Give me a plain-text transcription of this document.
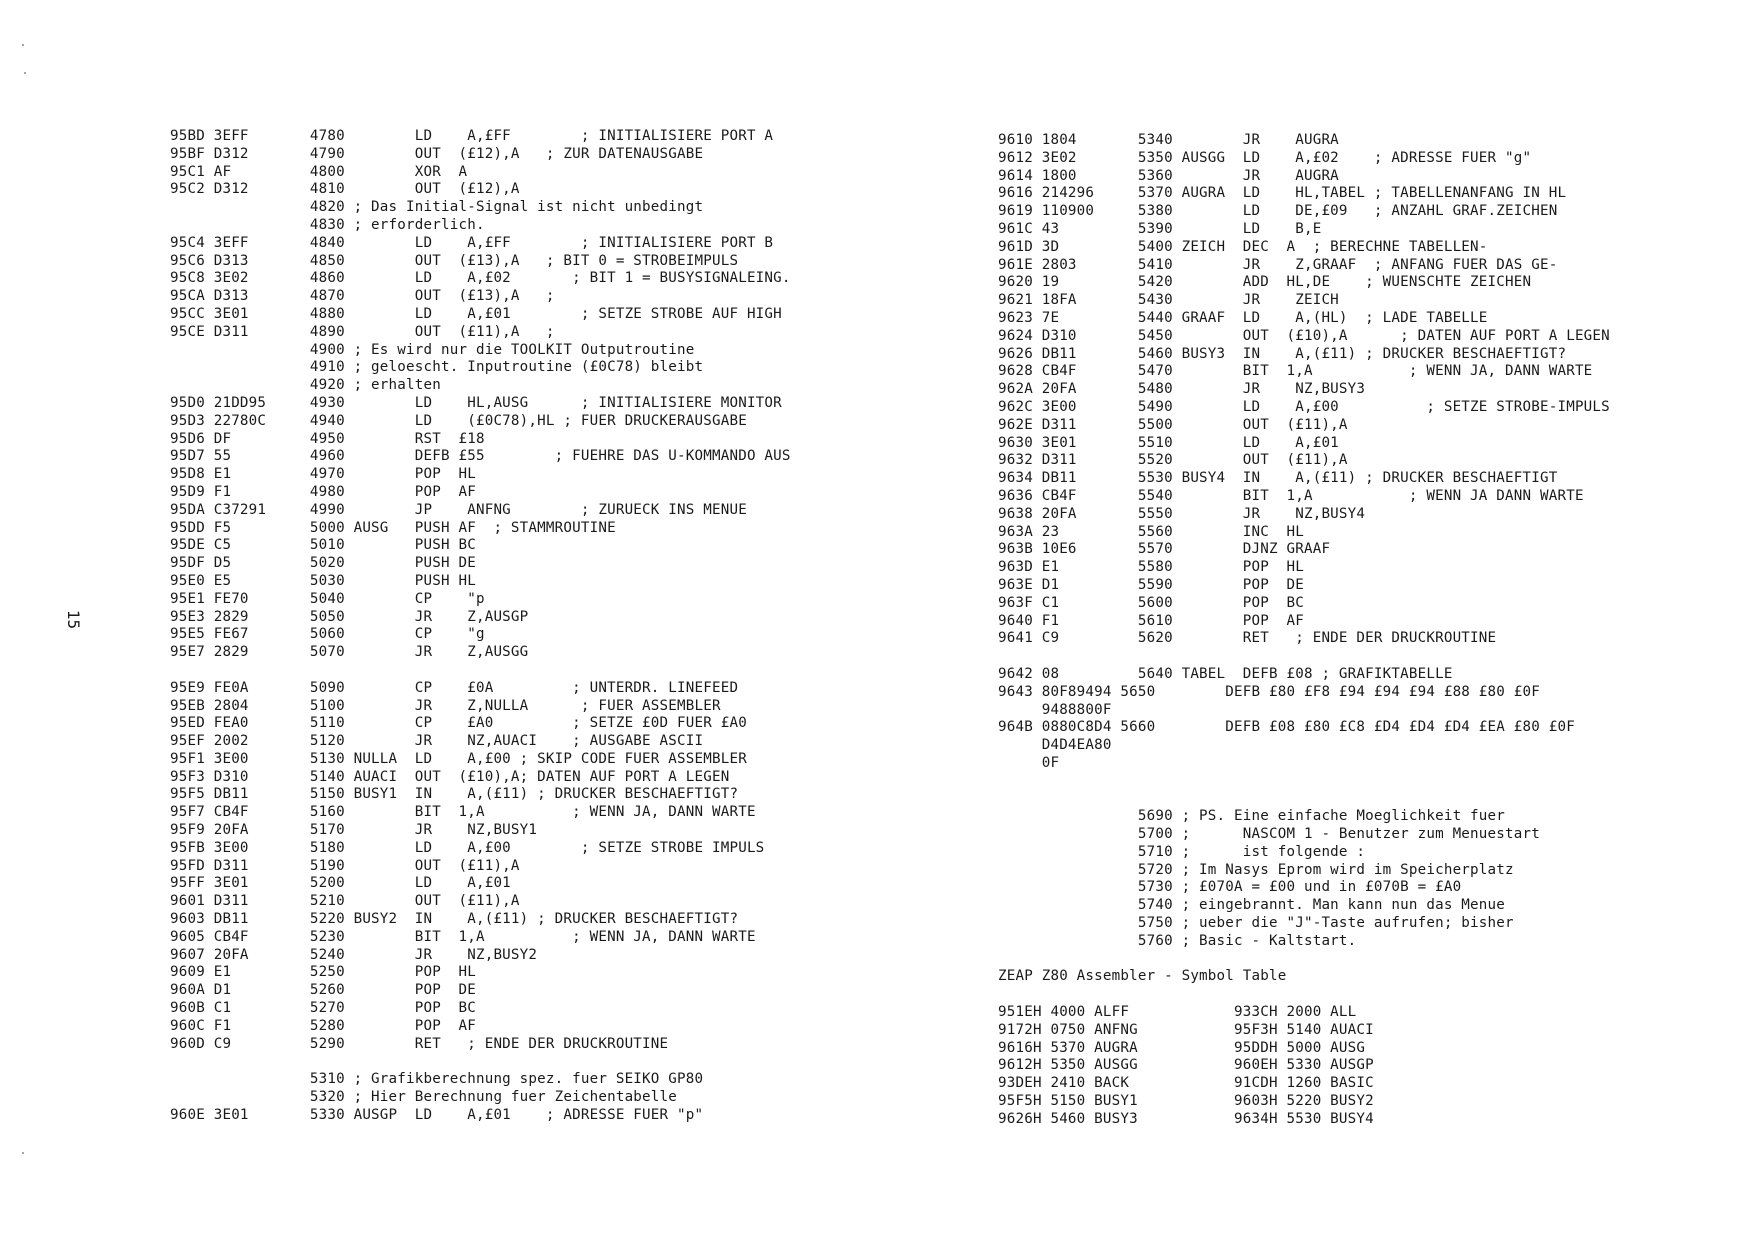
15
95BD 3EFF       4780        LD    A,£FF        ; INITIALISIERE PORT A
95BF D312       4790        OUT  (£12),A   ; ZUR DATENAUSGABE
95C1 AF         4800        XOR  A
95C2 D312       4810        OUT  (£12),A
4820 ; Das Initial-Signal ist nicht unbedingt
4830 ; erforderlich.
95C4 3EFF       4840        LD    A,£FF        ; INITIALISIERE PORT B
95C6 D313       4850        OUT  (£13),A   ; BIT 0 = STROBEIMPULS
95C8 3E02       4860        LD    A,£02       ; BIT 1 = BUSYSIGNALEING.
95CA D313       4870        OUT  (£13),A   ;
95CC 3E01       4880        LD    A,£01        ; SETZE STROBE AUF HIGH
95CE D311       4890        OUT  (£11),A   ;
4900 ; Es wird nur die TOOLKIT Outputroutine
4910 ; geloescht. Inputroutine (£0C78) bleibt
4920 ; erhalten
95D0 21DD95     4930        LD    HL,AUSG      ; INITIALISIERE MONITOR
95D3 22780C     4940        LD    (£0C78),HL ; FUER DRUCKERAUSGABE
95D6 DF         4950        RST  £18
95D7 55         4960        DEFB £55        ; FUEHRE DAS U-KOMMANDO AUS
95D8 E1         4970        POP  HL
95D9 F1         4980        POP  AF
95DA C37291     4990        JP    ANFNG        ; ZURUECK INS MENUE
95DD F5         5000 AUSG   PUSH AF  ; STAMMROUTINE
95DE C5         5010        PUSH BC
95DF D5         5020        PUSH DE
95E0 E5         5030        PUSH HL
95E1 FE70       5040        CP    "p
95E3 2829       5050        JR    Z,AUSGP
95E5 FE67       5060        CP    "g
95E7 2829       5070        JR    Z,AUSGG
95E9 FE0A       5090        CP    £0A         ; UNTERDR. LINEFEED
95EB 2804       5100        JR    Z,NULLA      ; FUER ASSEMBLER
95ED FEA0       5110        CP    £A0         ; SETZE £0D FUER £A0
95EF 2002       5120        JR    NZ,AUACI    ; AUSGABE ASCII
95F1 3E00       5130 NULLA  LD    A,£00 ; SKIP CODE FUER ASSEMBLER
95F3 D310       5140 AUACI  OUT  (£10),A; DATEN AUF PORT A LEGEN
95F5 DB11       5150 BUSY1  IN    A,(£11) ; DRUCKER BESCHAEFTIGT?
95F7 CB4F       5160        BIT  1,A          ; WENN JA, DANN WARTE
95F9 20FA       5170        JR    NZ,BUSY1
95FB 3E00       5180        LD    A,£00        ; SETZE STROBE IMPULS
95FD D311       5190        OUT  (£11),A
95FF 3E01       5200        LD    A,£01
9601 D311       5210        OUT  (£11),A
9603 DB11       5220 BUSY2  IN    A,(£11) ; DRUCKER BESCHAEFTIGT?
9605 CB4F       5230        BIT  1,A          ; WENN JA, DANN WARTE
9607 20FA       5240        JR    NZ,BUSY2
9609 E1         5250        POP  HL
960A D1         5260        POP  DE
960B C1         5270        POP  BC
960C F1         5280        POP  AF
960D C9         5290        RET   ; ENDE DER DRUCKROUTINE
5310 ; Grafikberechnung spez. fuer SEIKO GP80
5320 ; Hier Berechnung fuer Zeichentabelle
960E 3E01       5330 AUSGP  LD    A,£01    ; ADRESSE FUER "p"
9610 1804       5340        JR    AUGRA
9612 3E02       5350 AUSGG  LD    A,£02    ; ADRESSE FUER "g"
9614 1800       5360        JR    AUGRA
9616 214296     5370 AUGRA  LD    HL,TABEL ; TABELLENANFANG IN HL
9619 110900     5380        LD    DE,£09   ; ANZAHL GRAF.ZEICHEN
961C 43         5390        LD    B,E
961D 3D         5400 ZEICH  DEC  A  ; BERECHNE TABELLEN-
961E 2803       5410        JR    Z,GRAAF  ; ANFANG FUER DAS GE-
9620 19         5420        ADD  HL,DE    ; WUENSCHTE ZEICHEN
9621 18FA       5430        JR    ZEICH
9623 7E         5440 GRAAF  LD    A,(HL)  ; LADE TABELLE
9624 D310       5450        OUT  (£10),A      ; DATEN AUF PORT A LEGEN
9626 DB11       5460 BUSY3  IN    A,(£11) ; DRUCKER BESCHAEFTIGT?
9628 CB4F       5470        BIT  1,A           ; WENN JA, DANN WARTE
962A 20FA       5480        JR    NZ,BUSY3
962C 3E00       5490        LD    A,£00          ; SETZE STROBE-IMPULS
962E D311       5500        OUT  (£11),A
9630 3E01       5510        LD    A,£01
9632 D311       5520        OUT  (£11),A
9634 DB11       5530 BUSY4  IN    A,(£11) ; DRUCKER BESCHAEFTIGT
9636 CB4F       5540        BIT  1,A           ; WENN JA DANN WARTE
9638 20FA       5550        JR    NZ,BUSY4
963A 23         5560        INC  HL
963B 10E6       5570        DJNZ GRAAF
963D E1         5580        POP  HL
963E D1         5590        POP  DE
963F C1         5600        POP  BC
9640 F1         5610        POP  AF
9641 C9         5620        RET   ; ENDE DER DRUCKROUTINE
9642 08         5640 TABEL  DEFB £08 ; GRAFIKTABELLE
9643 80F89494 5650        DEFB £80 £F8 £94 £94 £94 £88 £80 £0F
9488800F
964B 0880C8D4 5660        DEFB £08 £80 £C8 £D4 £D4 £D4 £EA £80 £0F
D4D4EA80
0F
5690 ; PS. Eine einfache Moeglichkeit fuer
5700 ;      NASCOM 1 - Benutzer zum Menuestart
5710 ;      ist folgende :
5720 ; Im Nasys Eprom wird im Speicherplatz
5730 ; £070A = £00 und in £070B = £A0
5740 ; eingebrannt. Man kann nun das Menue
5750 ; ueber die "J"-Taste aufrufen; bisher
5760 ; Basic - Kaltstart.
ZEAP Z80 Assembler - Symbol Table
951EH 4000 ALFF            933CH 2000 ALL
9172H 0750 ANFNG           95F3H 5140 AUACI
9616H 5370 AUGRA           95DDH 5000 AUSG
9612H 5350 AUSGG           960EH 5330 AUSGP
93DEH 2410 BACK            91CDH 1260 BASIC
95F5H 5150 BUSY1           9603H 5220 BUSY2
9626H 5460 BUSY3           9634H 5530 BUSY4
